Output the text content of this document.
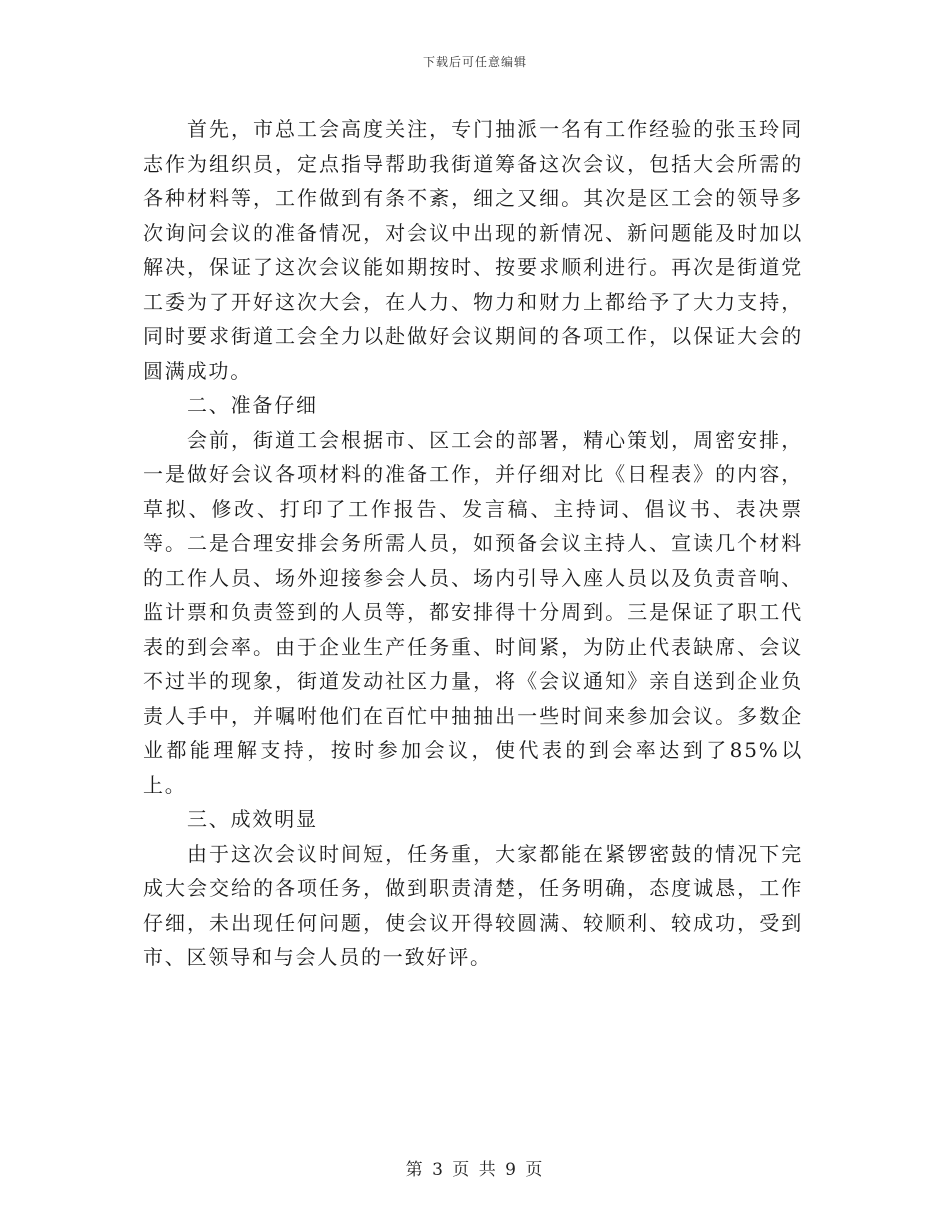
下载后可任意编辑

首先，市总工会高度关注，专门抽派一名有工作经验的张玉玲同志作为组织员，定点指导帮助我街道筹备这次会议，包括大会所需的各种材料等，工作做到有条不紊，细之又细。其次是区工会的领导多次询问会议的准备情况，对会议中出现的新情况、新问题能及时加以解决，保证了这次会议能如期按时、按要求顺利进行。再次是街道党工委为了开好这次大会，在人力、物力和财力上都给予了大力支持，同时要求街道工会全力以赴做好会议期间的各项工作，以保证大会的圆满成功。

二、准备仔细

会前，街道工会根据市、区工会的部署，精心策划，周密安排，一是做好会议各项材料的准备工作，并仔细对比《日程表》的内容，草拟、修改、打印了工作报告、发言稿、主持词、倡议书、表决票等。二是合理安排会务所需人员，如预备会议主持人、宣读几个材料的工作人员、场外迎接参会人员、场内引导入座人员以及负责音响、监计票和负责签到的人员等，都安排得十分周到。三是保证了职工代表的到会率。由于企业生产任务重、时间紧，为防止代表缺席、会议不过半的现象，街道发动社区力量，将《会议通知》亲自送到企业负责人手中，并嘱咐他们在百忙中抽抽出一些时间来参加会议。多数企业都能理解支持，按时参加会议，使代表的到会率达到了85%以上。

三、成效明显

由于这次会议时间短，任务重，大家都能在紧锣密鼓的情况下完成大会交给的各项任务，做到职责清楚，任务明确，态度诚恳，工作仔细，未出现任何问题，使会议开得较圆满、较顺利、较成功，受到市、区领导和与会人员的一致好评。

第 3 页 共 9 页
